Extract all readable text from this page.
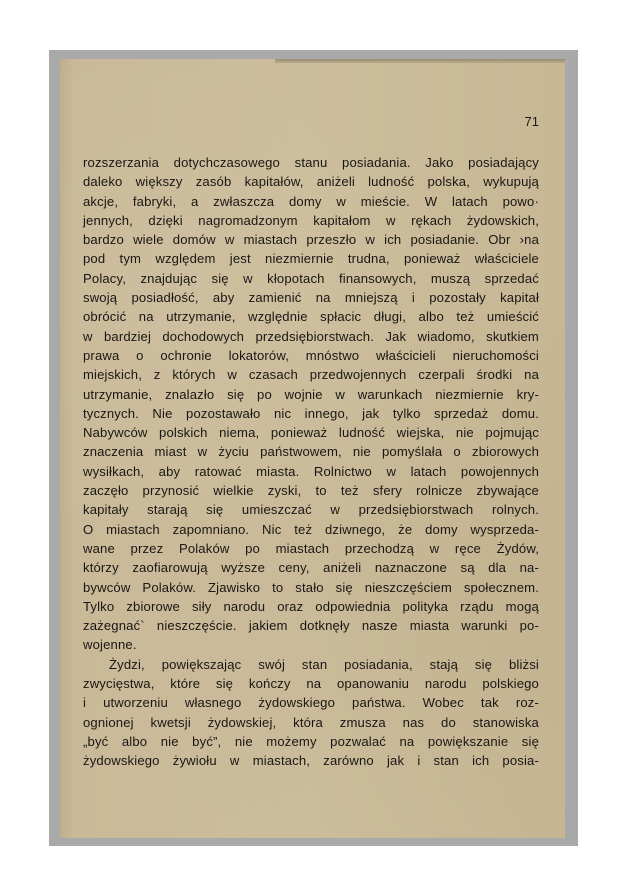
71
rozszerzania dotychczasowego stanu posiadania. Jako posiadający
daleko większy zasób kapitałów, aniżeli ludność polska, wykupują
akcje, fabryki, a zwłaszcza domy w mieście. W latach powo·
jennych, dzięki nagromadzonym kapitałom w rękach żydowskich,
bardzo wiele domów w miastach przeszło w ich posiadanie. Obr ›na
pod tym względem jest niezmiernie trudna, ponieważ właściciele
Polacy, znajdując się w kłopotach finansowych, muszą sprzedać
swoją posiadłość, aby zamienić na mniejszą i pozostały kapitał
obrócić na utrzymanie, względnie spłacic długi, albo też umieścić
w bardziej dochodowych przedsiębiorstwach. Jak wiadomo, skutkiem
prawa o ochronie lokatorów, mnóstwo właścicieli nieruchomości
miejskich, z których w czasach przedwojennych czerpali środki na
utrzymanie, znalazło się po wojnie w warunkach niezmiernie kry-
tycznych. Nie pozostawało nic innego, jak tylko sprzedaż domu.
Nabywców polskich niema, ponieważ ludność wiejska, nie pojmując
znaczenia miast w życiu państwowem, nie pomyślała o zbiorowych
wysiłkach, aby ratować miasta. Rolnictwo w latach powojennych
zaczęło przynosić wielkie zyski, to też sfery rolnicze zbywające
kapitały starają się umieszczać w przedsiębiorstwach rolnych.
O miastach zapomniano. Nic też dziwnego, że domy wysprzeda-
wane przez Polaków po miastach przechodzą w ręce Żydów,
którzy zaofiarowują wyższe ceny, aniżeli naznaczone są dla na-
bywców Polaków. Zjawisko to stało się nieszczęściem społecznem.
Tylko zbiorowe siły narodu oraz odpowiednia polityka rządu mogą
zażegnać` nieszczęście. jakiem dotknęły nasze miasta warunki po-
wojenne.
Żydzi, powiększając swój stan posiadania, stają się bliżsi
zwycięstwa, które się kończy na opanowaniu narodu polskiego
i utworzeniu własnego żydowskiego państwa. Wobec tak roz-
ognionej kwetsji żydowskiej, która zmusza nas do stanowiska
„być albo nie być”, nie możemy pozwalać na powiększanie się
żydowskiego żywiołu w miastach, zarówno jak i stan ich posia-
